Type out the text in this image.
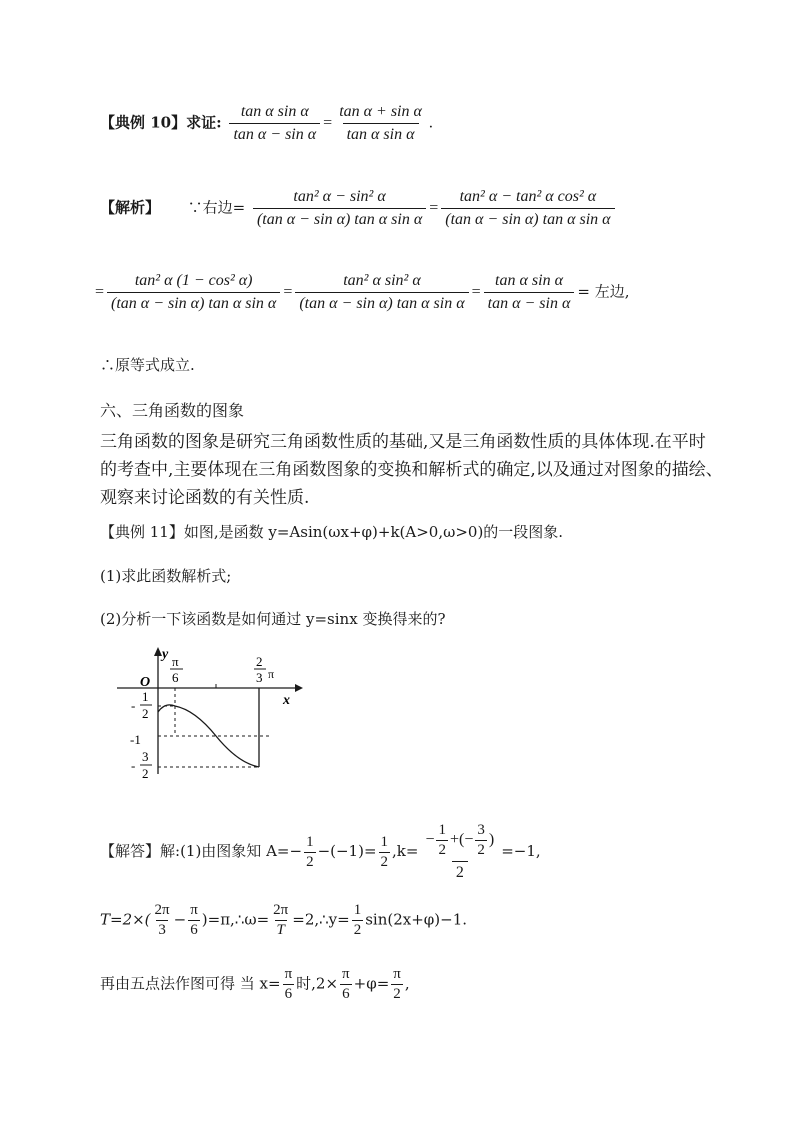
【典例 10】求证: $\frac{\text{tan α sin α}}{\text{tan α − sin α}} = \frac{\text{tan α + sin α}}{\text{tan α sin α}}$ .
【解析】 ∵右边= $\frac{\text{tan² α − sin² α}}{\text{(tan α − sin α) tan α sin α}} = \frac{\text{tan² α − tan² α cos² α}}{\text{(tan α − sin α) tan α sin α}}$
= $\frac{\text{tan² α (1 − cos² α)}}{\text{(tan α − sin α) tan α sin α}} = \frac{\text{tan² α sin² α}}{\text{(tan α − sin α) tan α sin α}} = \frac{\text{tan α sin α}}{\text{tan α − sin α}}$ = 左边,
∴原等式成立.
六、三角函数的图象
三角函数的图象是研究三角函数性质的基础,又是三角函数性质的具体体现.在平时
的考查中,主要体现在三角函数图象的变换和解析式的确定,以及通过对图象的描绘、
观察来讨论函数的有关性质.
【典例 11】如图,是函数 y=Asin(ωx+φ)+k(A>0,ω>0)的一段图象.
(1)求此函数解析式;
(2)分析一下该函数是如何通过 y=sinx 变换得来的?
y
x
O
π
6
2
3 π
-
1
2
-1
-
3
2
【解答】解:(1)由图象知 $A=- \frac{1}{2} -(-1)= \frac{1}{2} ,k= \frac{- \frac{1}{2} +(- \frac{3}{2} )}{2} =-1$,
$T=2\times( \frac{2\pi}{3} - \frac{\pi}{6}$ )=π,∴ω= $\frac{2\pi}{T}$ =2,∴y= $\frac{1}{2} \sin(2x+\varphi)-1$.
再由五点法作图可得 当 $x= \frac{\pi}{6}$ 时$,2\times \frac{\pi}{6} +\varphi= \frac{\pi}{2}$ ,
